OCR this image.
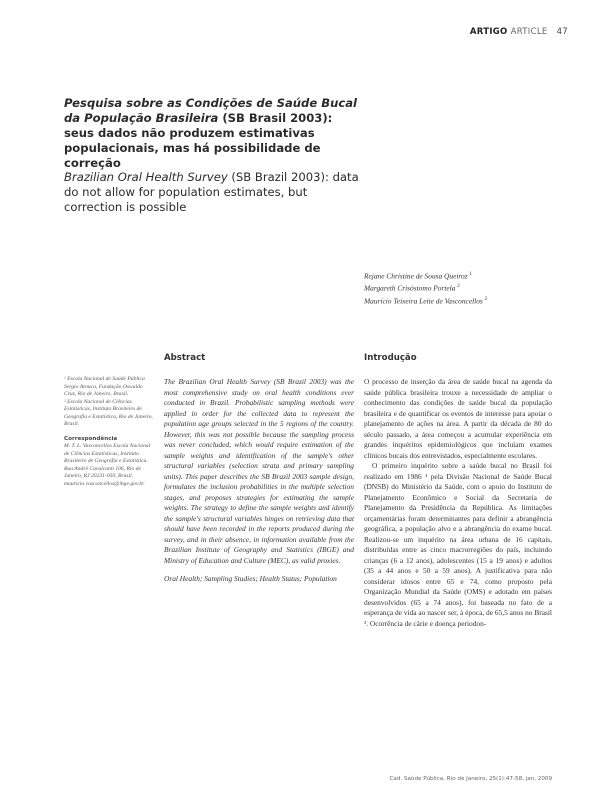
ARTIGO ARTICLE 47
Pesquisa sobre as Condições de Saúde Bucal da População Brasileira (SB Brasil 2003): seus dados não produzem estimativas populacionais, mas há possibilidade de correção
Brazilian Oral Health Survey (SB Brazil 2003): data do not allow for population estimates, but correction is possible
Rejane Christine de Sousa Queiroz $^1$
Margareth Crisóstomo Portela $^2$
Maurício Teixeira Leite de Vasconcellos $^2$
Abstract	Introdução

¹ Escola Nacional de Saúde Pública Sergio Arouca, Fundação Oswaldo Cruz, Rio de Janeiro, Brasil.

² Escola Nacional de Ciências Estatísticas, Instituto Brasileiro de Geografia e Estatística, Rio de Janeiro, Brasil.

Correspondência

M. T. L. Vasconcellos Escola Nacional de Ciências Estatísticas, Instituto Brasileiro de Geografia e Estatística. Rua André Cavalcanti 106, Rio de Janeiro, RJ 20231-050, Brasil. mauricio.vasconcellos@ibge.gov.br

The Brazilian Oral Health Survey (SB Brazil 2003) was the most comprehensive study on oral health conditions ever conducted in Brazil. Probabilistic sampling methods were applied in order for the collected data to represent the population age groups selected in the 5 regions of the country. However, this was not possible because the sampling process was never concluded, which would require estimation of the sample weights and identification of the sample's other structural variables (selection strata and primary sampling units). This paper describes the SB Brazil 2003 sample design, formulates the inclusion probabilities in the multiple selection stages, and proposes strategies for estimating the sample weights. The strategy to define the sample weights and identify the sample's structural variables hinges on retrieving data that should have been recorded in the reports produced during the survey, and in their absence, in information available from the Brazilian Institute of Geography and Statistics (IBGE) and Ministry of Education and Culture (MEC), as valid proxies.

Oral Health; Sampling Studies; Health Status; Population

O processo de inserção da área de saúde bucal na agenda da saúde pública brasileira trouxe a necessidade de ampliar o conhecimento das condições de saúde bucal da população brasileira e de quantificar os eventos de interesse para apoiar o planejamento de ações na área. A partir da década de 80 do século passado, a área começou a acumular experiência em grandes inquéritos epidemiológicos que incluíam exames clínicos bucais dos entrevistados, especialmente escolares.

O primeiro inquérito sobre a saúde bucal no Brasil foi realizado em 1986 ¹ pela Divisão Nacional de Saúde Bucal (DNSB) do Ministério da Saúde, com o apoio do Instituto de Planejamento Econômico e Social da Secretaria de Planejamento da Presidência da República. As limitações orçamentárias foram determinantes para definir a abrangência geográfica, a população alvo e a abrangência do exame bucal. Realizou-se um inquérito na área urbana de 16 capitais, distribuídas entre as cinco macrorregiões do país, incluindo crianças (6 a 12 anos), adolescentes (15 a 19 anos) e adultos (35 a 44 anos e 50 a 59 anos). A justificativa para não considerar idosos entre 65 e 74, como proposto pela Organização Mundial da Saúde (OMS) e adotado em países desenvolvidos (65 a 74 anos), foi baseada no fato de a esperança de vida ao nascer ser, à época, de 65,5 anos no Brasil ². Ocorrência de cárie e doença periodon-

Cad. Saúde Pública, Rio de Janeiro, 25(1):47-58, jan, 2009
